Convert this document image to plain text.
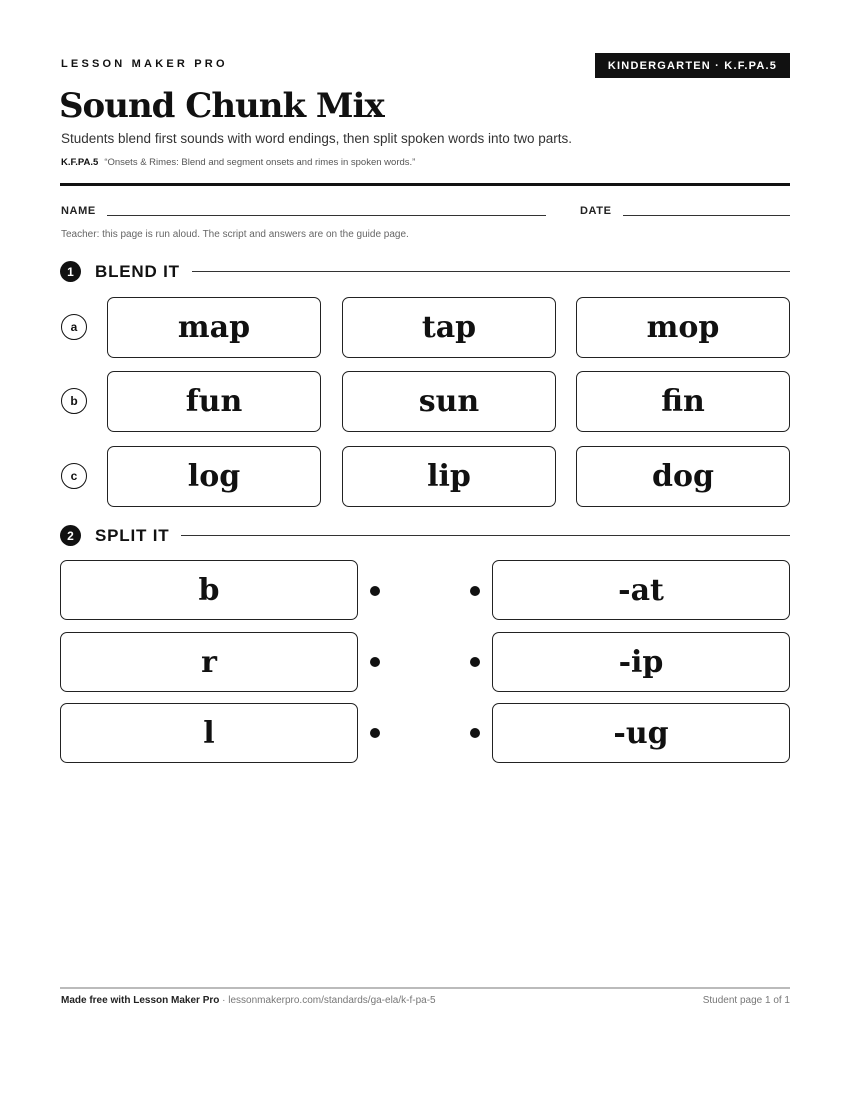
LESSON MAKER PRO	KINDERGARTEN · K.F.PA.5
Sound Chunk Mix
Students blend first sounds with word endings, then split spoken words into two parts.
K.F.PA.5 “Onsets & Rimes: Blend and segment onsets and rimes in spoken words.”
NAME	DATE
Teacher: this page is run aloud. The script and answers are on the guide page.
1	BLEND IT
a	map	tap	mop
b	fun	sun	fin
c	log	lip	dog
2	SPLIT IT
b	-at
r	-ip
l	-ug
Made free with Lesson Maker Pro · lessonmakerpro.com/standards/ga-ela/k-f-pa-5	Student page 1 of 1
